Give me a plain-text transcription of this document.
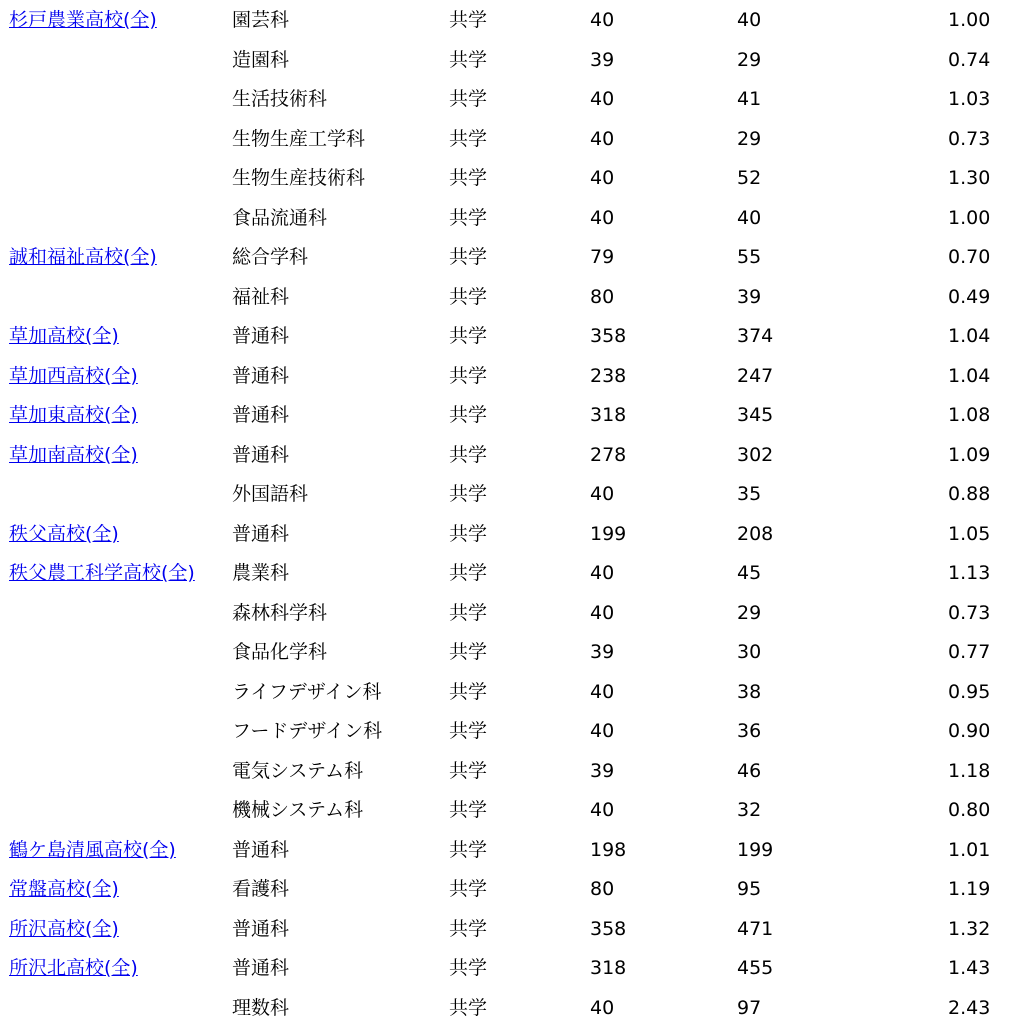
杉戸農業高校(全)	園芸科	共学	40	40	1.00
	造園科	共学	39	29	0.74
	生活技術科	共学	40	41	1.03
	生物生産工学科	共学	40	29	0.73
	生物生産技術科	共学	40	52	1.30
	食品流通科	共学	40	40	1.00
誠和福祉高校(全)	総合学科	共学	79	55	0.70
	福祉科	共学	80	39	0.49
草加高校(全)	普通科	共学	358	374	1.04
草加西高校(全)	普通科	共学	238	247	1.04
草加東高校(全)	普通科	共学	318	345	1.08
草加南高校(全)	普通科	共学	278	302	1.09
	外国語科	共学	40	35	0.88
秩父高校(全)	普通科	共学	199	208	1.05
秩父農工科学高校(全)	農業科	共学	40	45	1.13
	森林科学科	共学	40	29	0.73
	食品化学科	共学	39	30	0.77
	ライフデザイン科	共学	40	38	0.95
	フードデザイン科	共学	40	36	0.90
	電気システム科	共学	39	46	1.18
	機械システム科	共学	40	32	0.80
鶴ケ島清風高校(全)	普通科	共学	198	199	1.01
常盤高校(全)	看護科	共学	80	95	1.19
所沢高校(全)	普通科	共学	358	471	1.32
所沢北高校(全)	普通科	共学	318	455	1.43
	理数科	共学	40	97	2.43
